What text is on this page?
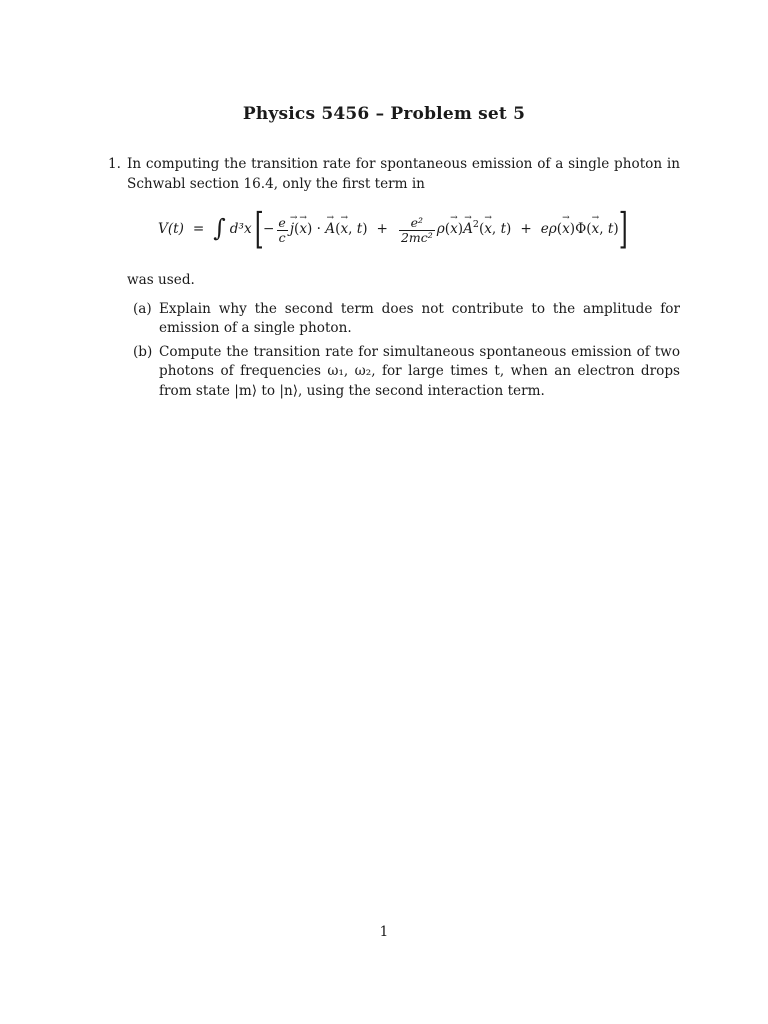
Physics 5456 – Problem set 5
1. In computing the transition rate for spontaneous emission of a single photon in Schwabl section 16.4, only the first term in
V(t) = ∫ d³x [ − $\frac{e}{c}$
→ j(→ x) · → A(→ x, $t) + \frac{\text{e²}}{\text{2mc²}} \rho(\to x)\to A^2(\to x$, t) + eρ(→ x)Φ(→ x, t) ]
was used.
(a) Explain why the second term does not contribute to the amplitude for emission of a single photon.
(b) Compute the transition rate for simultaneous spontaneous emission of two photons of frequencies ω₁, ω₂, for large times t, when an electron drops from state |m⟩ to |n⟩, using the second interaction term.
1
